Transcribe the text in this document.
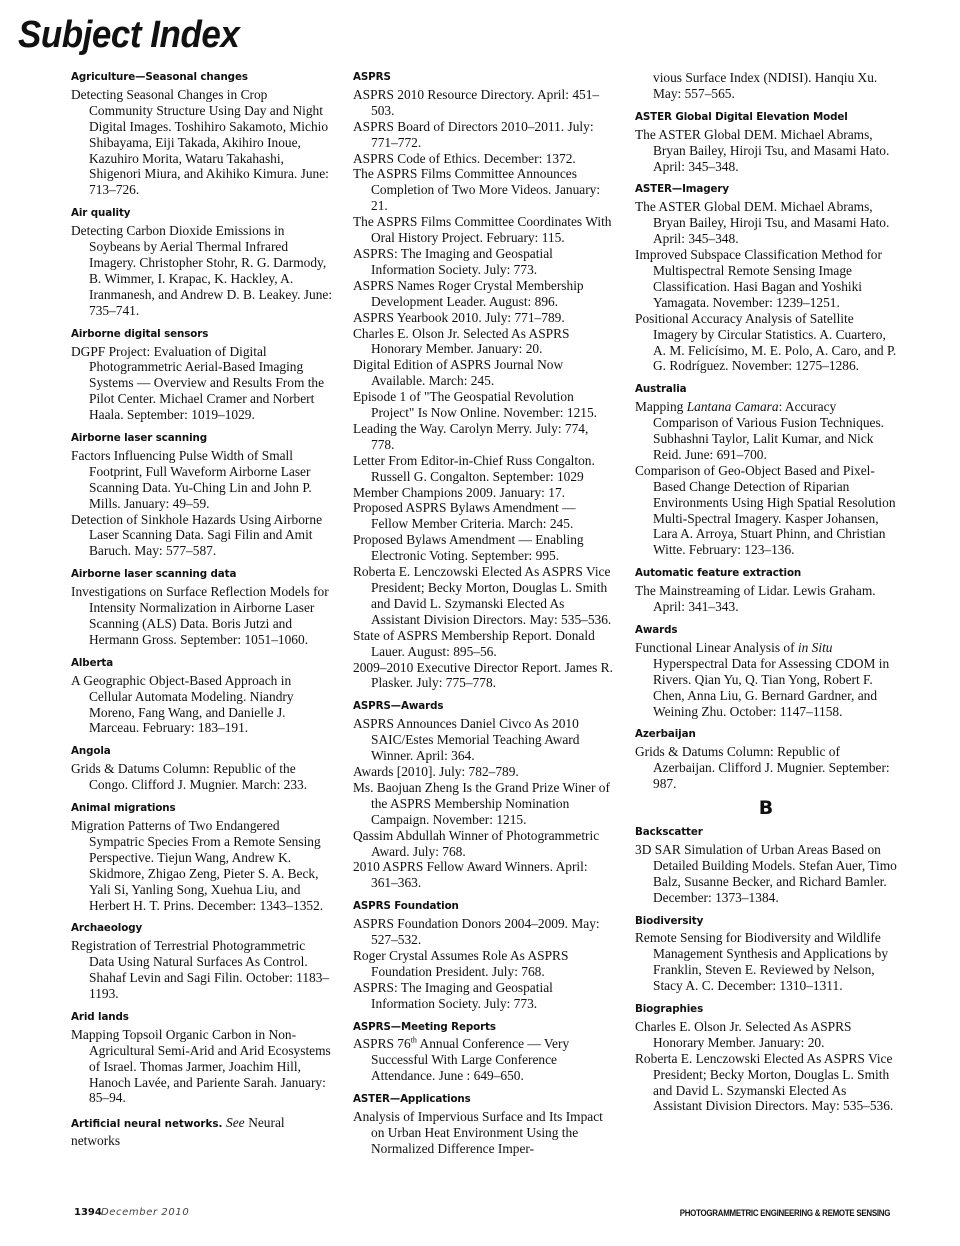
Subject Index
Agriculture—Seasonal changes

Detecting Seasonal Changes in Crop Community Structure Using Day and Night Digital Images. Toshihiro Sakamoto, Michio Shibayama, Eiji Takada, Akihiro Inoue, Kazuhiro Morita, Wataru Takahashi, Shigenori Miura, and Akihiko Kimura. June: 713–726.

Air quality

Detecting Carbon Dioxide Emissions in Soybeans by Aerial Thermal Infrared Imagery. Christopher Stohr, R. G. Darmody, B. Wimmer, I. Krapac, K. Hackley, A. Iranmanesh, and Andrew D. B. Leakey. June: 735–741.

Airborne digital sensors

DGPF Project: Evaluation of Digital Photogrammetric Aerial-Based Imaging Systems — Overview and Results From the Pilot Center. Michael Cramer and Norbert Haala. September: 1019–1029.

Airborne laser scanning

Factors Influencing Pulse Width of Small Footprint, Full Waveform Airborne Laser Scanning Data. Yu-Ching Lin and John P. Mills. January: 49–59.

Detection of Sinkhole Hazards Using Airborne Laser Scanning Data. Sagi Filin and Amit Baruch. May: 577–587.

Airborne laser scanning data

Investigations on Surface Reflection Models for Intensity Normalization in Airborne Laser Scanning (ALS) Data. Boris Jutzi and Hermann Gross. September: 1051–1060.

Alberta

A Geographic Object-Based Approach in Cellular Automata Modeling. Niandry Moreno, Fang Wang, and Danielle J. Marceau. February: 183–191.

Angola

Grids & Datums Column: Republic of the Congo. Clifford J. Mugnier. March: 233.

Animal migrations

Migration Patterns of Two Endangered Sympatric Species From a Remote Sensing Perspective. Tiejun Wang, Andrew K. Skidmore, Zhigao Zeng, Pieter S. A. Beck, Yali Si, Yanling Song, Xuehua Liu, and Herbert H. T. Prins. December: 1343–1352.

Archaeology

Registration of Terrestrial Photogrammetric Data Using Natural Surfaces As Control. Shahaf Levin and Sagi Filin. October: 1183–1193.

Arid lands

Mapping Topsoil Organic Carbon in Non-Agricultural Semi-Arid and Arid Ecosystems of Israel. Thomas Jarmer, Joachim Hill, Hanoch Lavée, and Pariente Sarah. January: 85–94.

Artificial neural networks. See Neural networks
ASPRS

ASPRS 2010 Resource Directory. April: 451–503.

ASPRS Board of Directors 2010–2011. July: 771–772.

ASPRS Code of Ethics. December: 1372.

The ASPRS Films Committee Announces Completion of Two More Videos. January: 21.

The ASPRS Films Committee Coordinates With Oral History Project. February: 115.

ASPRS: The Imaging and Geospatial Information Society. July: 773.

ASPRS Names Roger Crystal Membership Development Leader. August: 896.

ASPRS Yearbook 2010. July: 771–789.

Charles E. Olson Jr. Selected As ASPRS Honorary Member. January: 20.

Digital Edition of ASPRS Journal Now Available. March: 245.

Episode 1 of "The Geospatial Revolution Project" Is Now Online. November: 1215.

Leading the Way. Carolyn Merry. July: 774, 778.

Letter From Editor-in-Chief Russ Congalton. Russell G. Congalton. September: 1029

Member Champions 2009. January: 17.

Proposed ASPRS Bylaws Amendment — Fellow Member Criteria. March: 245.

Proposed Bylaws Amendment — Enabling Electronic Voting. September: 995.

Roberta E. Lenczowski Elected As ASPRS Vice President; Becky Morton, Douglas L. Smith and David L. Szymanski Elected As Assistant Division Directors. May: 535–536.

State of ASPRS Membership Report. Donald Lauer. August: 895–56.

2009–2010 Executive Director Report. James R. Plasker. July: 775–778.

ASPRS—Awards

ASPRS Announces Daniel Civco As 2010 SAIC/Estes Memorial Teaching Award Winner. April: 364.

Awards [2010]. July: 782–789.

Ms. Baojuan Zheng Is the Grand Prize Winer of the ASPRS Membership Nomination Campaign. November: 1215.

Qassim Abdullah Winner of Photogrammetric Award. July: 768.

2010 ASPRS Fellow Award Winners. April: 361–363.

ASPRS Foundation

ASPRS Foundation Donors 2004–2009. May: 527–532.

Roger Crystal Assumes Role As ASPRS Foundation President. July: 768.

ASPRS: The Imaging and Geospatial Information Society. July: 773.

ASPRS—Meeting Reports

ASPRS 76th Annual Conference — Very Successful With Large Conference Attendance. June : 649–650.

ASTER—Applications

Analysis of Impervious Surface and Its Impact on Urban Heat Environment Using the Normalized Difference Imper-

vious Surface Index (NDISI). Hanqiu Xu. May: 557–565.

ASTER Global Digital Elevation Model

The ASTER Global DEM. Michael Abrams, Bryan Bailey, Hiroji Tsu, and Masami Hato. April: 345–348.

ASTER—Imagery

The ASTER Global DEM. Michael Abrams, Bryan Bailey, Hiroji Tsu, and Masami Hato. April: 345–348.

Improved Subspace Classification Method for Multispectral Remote Sensing Image Classification. Hasi Bagan and Yoshiki Yamagata. November: 1239–1251.

Positional Accuracy Analysis of Satellite Imagery by Circular Statistics. A. Cuartero, A. M. Felicísimo, M. E. Polo, A. Caro, and P. G. Rodríguez. November: 1275–1286.

Australia

Mapping Lantana Camara: Accuracy Comparison of Various Fusion Techniques. Subhashni Taylor, Lalit Kumar, and Nick Reid. June: 691–700.

Comparison of Geo-Object Based and Pixel-Based Change Detection of Riparian Environments Using High Spatial Resolution Multi-Spectral Imagery. Kasper Johansen, Lara A. Arroya, Stuart Phinn, and Christian Witte. February: 123–136.

Automatic feature extraction

The Mainstreaming of Lidar. Lewis Graham. April: 341–343.

Awards

Functional Linear Analysis of in Situ Hyperspectral Data for Assessing CDOM in Rivers. Qian Yu, Q. Tian Yong, Robert F. Chen, Anna Liu, G. Bernard Gardner, and Weining Zhu. October: 1147–1158.

Azerbaijan

Grids & Datums Column: Republic of Azerbaijan. Clifford J. Mugnier. September: 987.

B
Backscatter

3D SAR Simulation of Urban Areas Based on Detailed Building Models. Stefan Auer, Timo Balz, Susanne Becker, and Richard Bamler. December: 1373–1384.

Biodiversity

Remote Sensing for Biodiversity and Wildlife Management Synthesis and Applications by Franklin, Steven E. Reviewed by Nelson, Stacy A. C. December: 1310–1311.

Biographies

Charles E. Olson Jr. Selected As ASPRS Honorary Member. January: 20.

Roberta E. Lenczowski Elected As ASPRS Vice President; Becky Morton, Douglas L. Smith and David L. Szymanski Elected As Assistant Division Directors. May: 535–536.

1394 December 2010	PHOTOGRAMMETRIC ENGINEERING & REMOTE SENSING
